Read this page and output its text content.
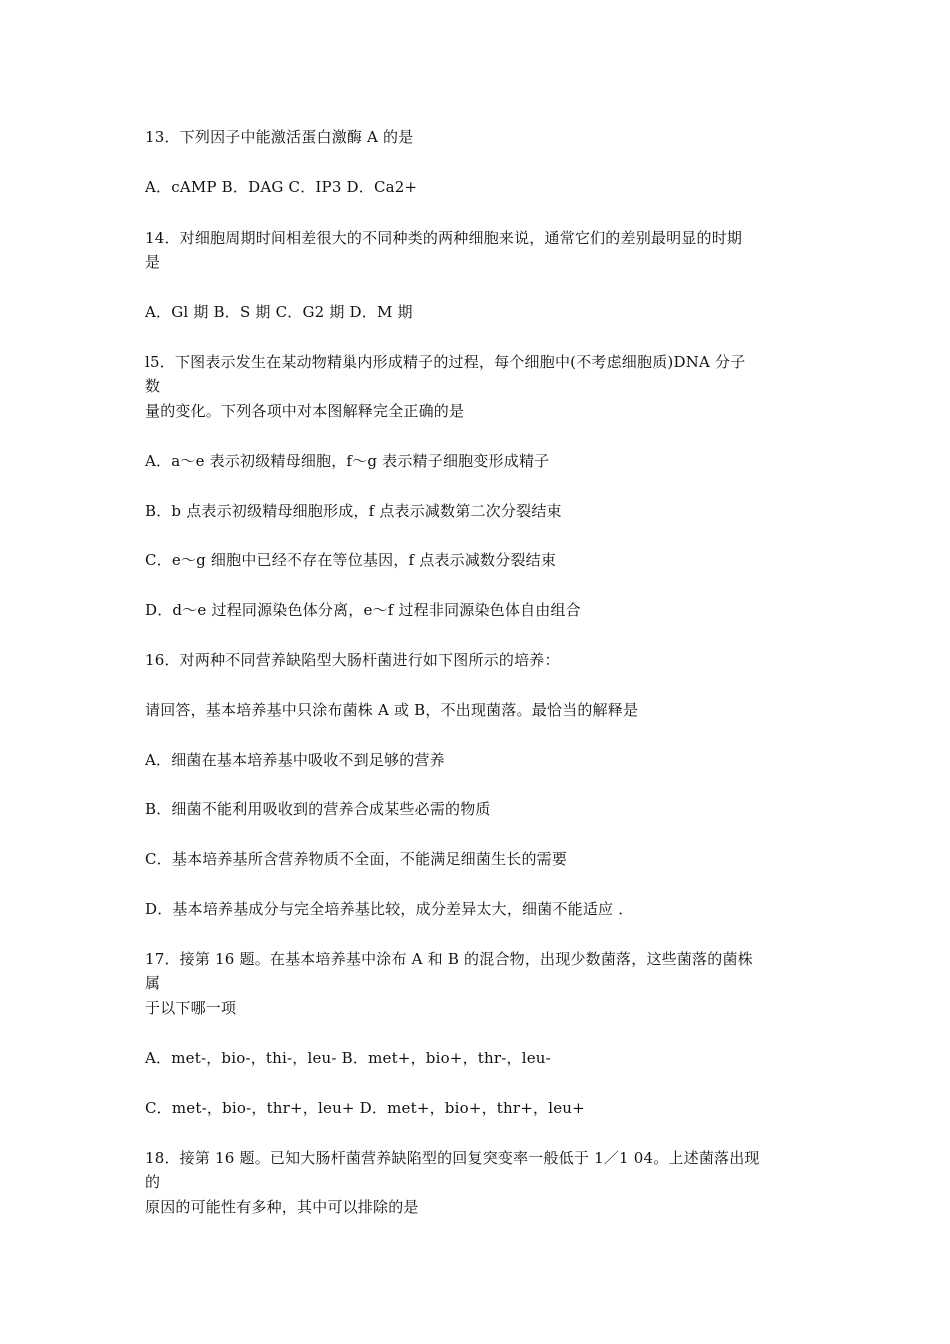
13．下列因子中能激活蛋白激酶 A 的是
A．cAMP B．DAG C．IP3 D．Ca2+
14．对细胞周期时间相差很大的不同种类的两种细胞来说，通常它们的差别最明显的时期
是
A．Gl 期 B．S 期 C．G2 期 D．M 期
l5．下图表示发生在某动物精巢内形成精子的过程，每个细胞中(不考虑细胞质)DNA 分子
数
量的变化。下列各项中对本图解释完全正确的是
A．a～e 表示初级精母细胞，f～g 表示精子细胞变形成精子
B．b 点表示初级精母细胞形成，f 点表示减数第二次分裂结束
C．e～g 细胞中已经不存在等位基因，f 点表示减数分裂结束
D．d～e 过程同源染色体分离，e～f 过程非同源染色体自由组合
16．对两种不同营养缺陷型大肠杆菌进行如下图所示的培养：
请回答，基本培养基中只涂布菌株 A 或 B，不出现菌落。最恰当的解释是
A．细菌在基本培养基中吸收不到足够的营养
B．细菌不能利用吸收到的营养合成某些必需的物质
C．基本培养基所含营养物质不全面，不能满足细菌生长的需要
D．基本培养基成分与完全培养基比较，成分差异太大，细菌不能适应 ．
17．接第 16 题。在基本培养基中涂布 A 和 B 的混合物，出现少数菌落，这些菌落的菌株
属
于以下哪一项
A．met-，bio-，thi-，leu- B．met+，bio+，thr-，leu-
C．met-，bio-，thr+，leu+ D．met+，bio+，thr+，leu+
18．接第 16 题。已知大肠杆菌营养缺陷型的回复突变率一般低于 1／1 04。上述菌落出现
的
原因的可能性有多种，其中可以排除的是
